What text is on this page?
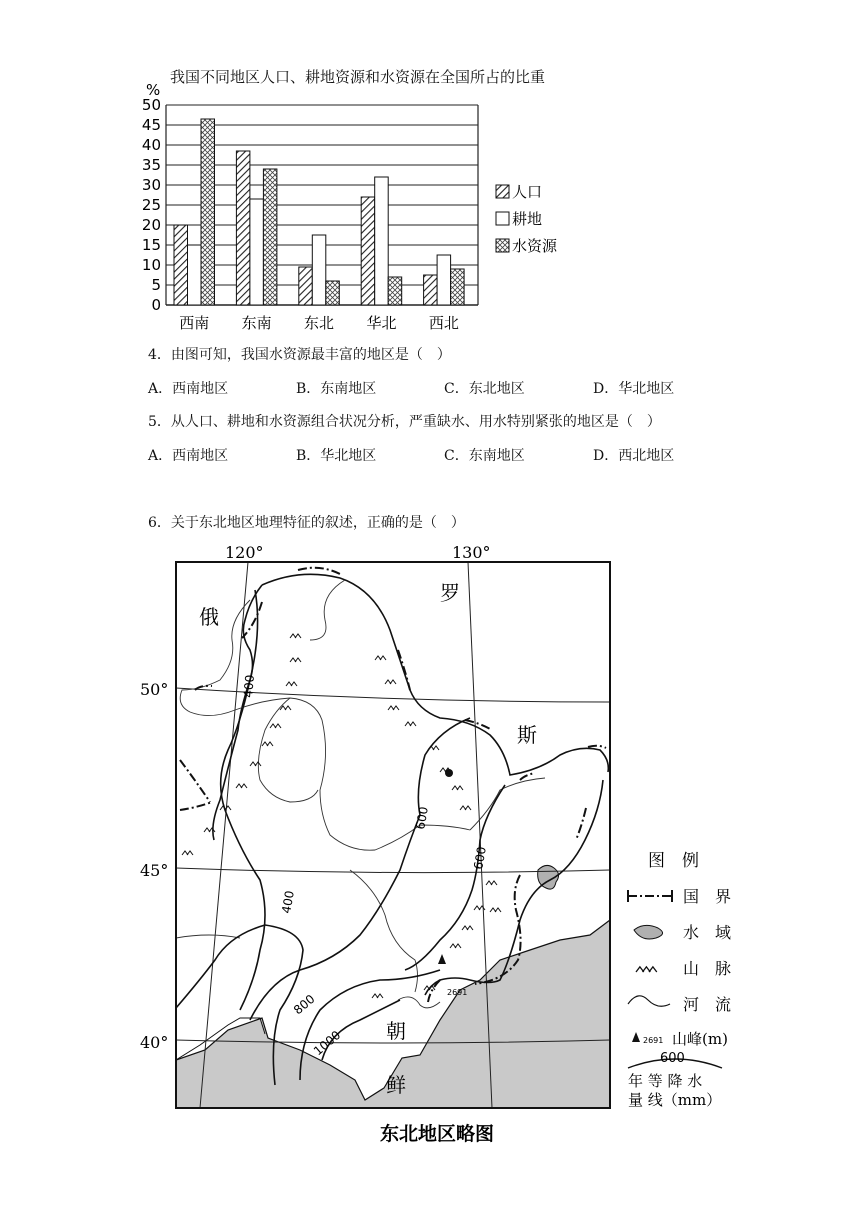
我国不同地区人口、耕地资源和水资源在全国所占的比重
0
5
10
15
20
25
30
35
40
45
50
%
西南 东南 东北 华北 西北
人口
耕地
水资源
4．由图可知，我国水资源最丰富的地区是（　）
A．西南地区	B．东南地区	C．东北地区	D．华北地区
5．从人口、耕地和水资源组合状况分析，严重缺水、用水特别紧张的地区是（　）
A．西南地区	B．华北地区	C．东南地区	D．西北地区
6．关于东北地区地理特征的叙述，正确的是（　）
120°	130°
50°
45°
40°
俄
罗
斯
朝
鲜
400
400
600
600
800
1000
2691
图　例
国　界
水　域
山　脉
河　流
2691 山峰(m)
600
年 等 降 水
量 线（mm）
东北地区略图
